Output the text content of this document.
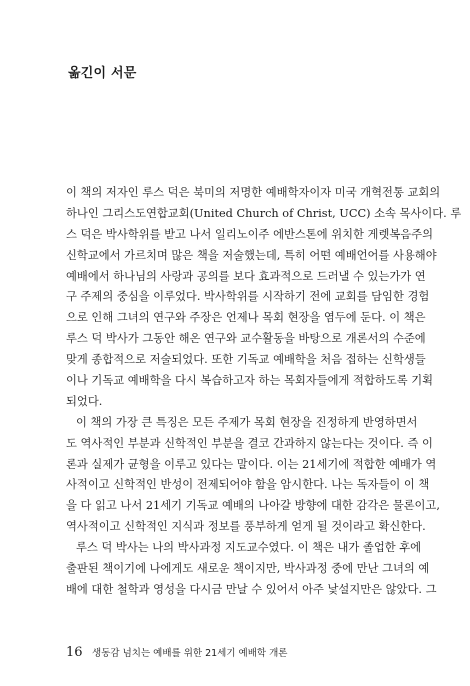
옮긴이 서문
이 책의 저자인 루스 덕은 북미의 저명한 예배학자이자 미국 개혁전통 교회의
하나인 그리스도연합교회(United Church of Christ, UCC) 소속 목사이다. 루
스 덕은 박사학위를 받고 나서 일리노이주 에반스톤에 위치한 게렛복음주의
신학교에서 가르치며 많은 책을 저술했는데, 특히 어떤 예배언어를 사용해야
예배에서 하나님의 사랑과 공의를 보다 효과적으로 드러낼 수 있는가가 연
구 주제의 중심을 이루었다. 박사학위를 시작하기 전에 교회를 담임한 경험
으로 인해 그녀의 연구와 주장은 언제나 목회 현장을 염두에 둔다. 이 책은
루스 덕 박사가 그동안 해온 연구와 교수활동을 바탕으로 개론서의 수준에
맞게 종합적으로 저술되었다. 또한 기독교 예배학을 처음 접하는 신학생들
이나 기독교 예배학을 다시 복습하고자 하는 목회자들에게 적합하도록 기획
되었다.
이 책의 가장 큰 특징은 모든 주제가 목회 현장을 진정하게 반영하면서
도 역사적인 부분과 신학적인 부분을 결코 간과하지 않는다는 것이다. 즉 이
론과 실제가 균형을 이루고 있다는 말이다. 이는 21세기에 적합한 예배가 역
사적이고 신학적인 반성이 전제되어야 함을 암시한다. 나는 독자들이 이 책
을 다 읽고 나서 21세기 기독교 예배의 나아갈 방향에 대한 감각은 물론이고,
역사적이고 신학적인 지식과 정보를 풍부하게 얻게 될 것이라고 확신한다.
루스 덕 박사는 나의 박사과정 지도교수였다. 이 책은 내가 졸업한 후에
출판된 책이기에 나에게도 새로운 책이지만, 박사과정 중에 만난 그녀의 예
배에 대한 철학과 영성을 다시금 만날 수 있어서 아주 낯설지만은 않았다. 그
16 생동감 넘치는 예배를 위한 21세기 예배학 개론
